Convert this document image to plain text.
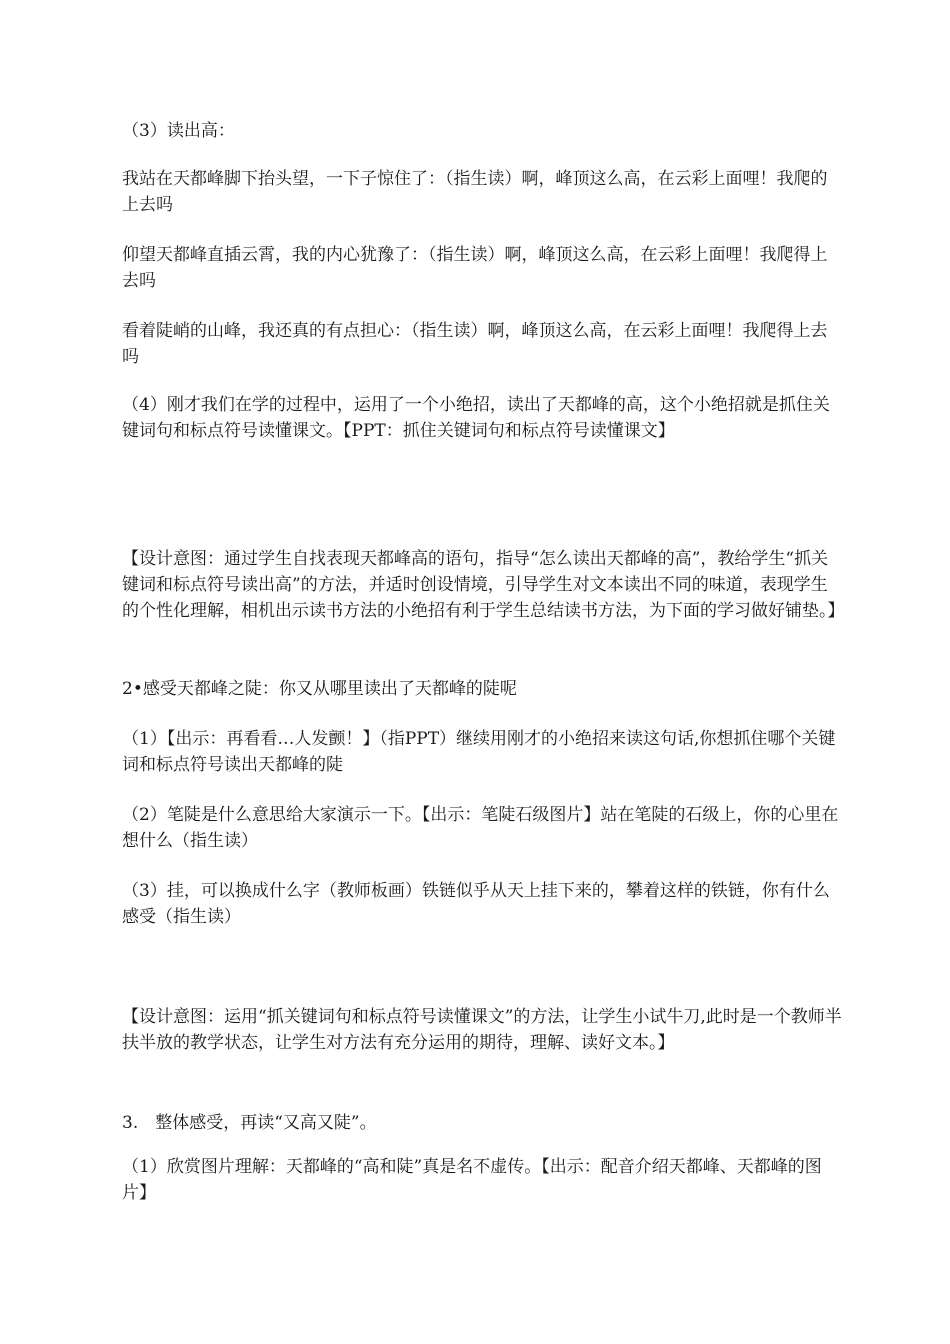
（3）读出高：

我站在天都峰脚下抬头望，一下子惊住了：（指生读）啊，峰顶这么高，在云彩上面哩！我爬的上去吗

仰望天都峰直插云霄，我的内心犹豫了：（指生读）啊，峰顶这么高，在云彩上面哩！我爬得上去吗

看着陡峭的山峰，我还真的有点担心：（指生读）啊，峰顶这么高，在云彩上面哩！我爬得上去吗

（4）刚才我们在学的过程中，运用了一个小绝招，读出了天都峰的高，这个小绝招就是抓住关键词句和标点符号读懂课文。【PPT：抓住关键词句和标点符号读懂课文】

【设计意图：通过学生自找表现天都峰高的语句，指导“怎么读出天都峰的高”，教给学生“抓关键词和标点符号读出高”的方法，并适时创设情境，引导学生对文本读出不同的味道，表现学生的个性化理解，相机出示读书方法的小绝招有利于学生总结读书方法，为下面的学习做好铺垫。】

2•感受天都峰之陡：你又从哪里读出了天都峰的陡呢

（1）【出示：再看看…人发颤！】（指PPT）继续用刚才的小绝招来读这句话,你想抓住哪个关键词和标点符号读出天都峰的陡

（2）笔陡是什么意思给大家演示一下。【出示：笔陡石级图片】站在笔陡的石级上，你的心里在想什么（指生读）

（3）挂，可以换成什么字（教师板画）铁链似乎从天上挂下来的，攀着这样的铁链，你有什么感受（指生读）

【设计意图：运用“抓关键词句和标点符号读懂课文”的方法，让学生小试牛刀,此时是一个教师半扶半放的教学状态，让学生对方法有充分运用的期待，理解、读好文本。】

3.　整体感受，再读“又高又陡”。

（1）欣赏图片理解：天都峰的“高和陡”真是名不虚传。【出示：配音介绍天都峰、天都峰的图片】
